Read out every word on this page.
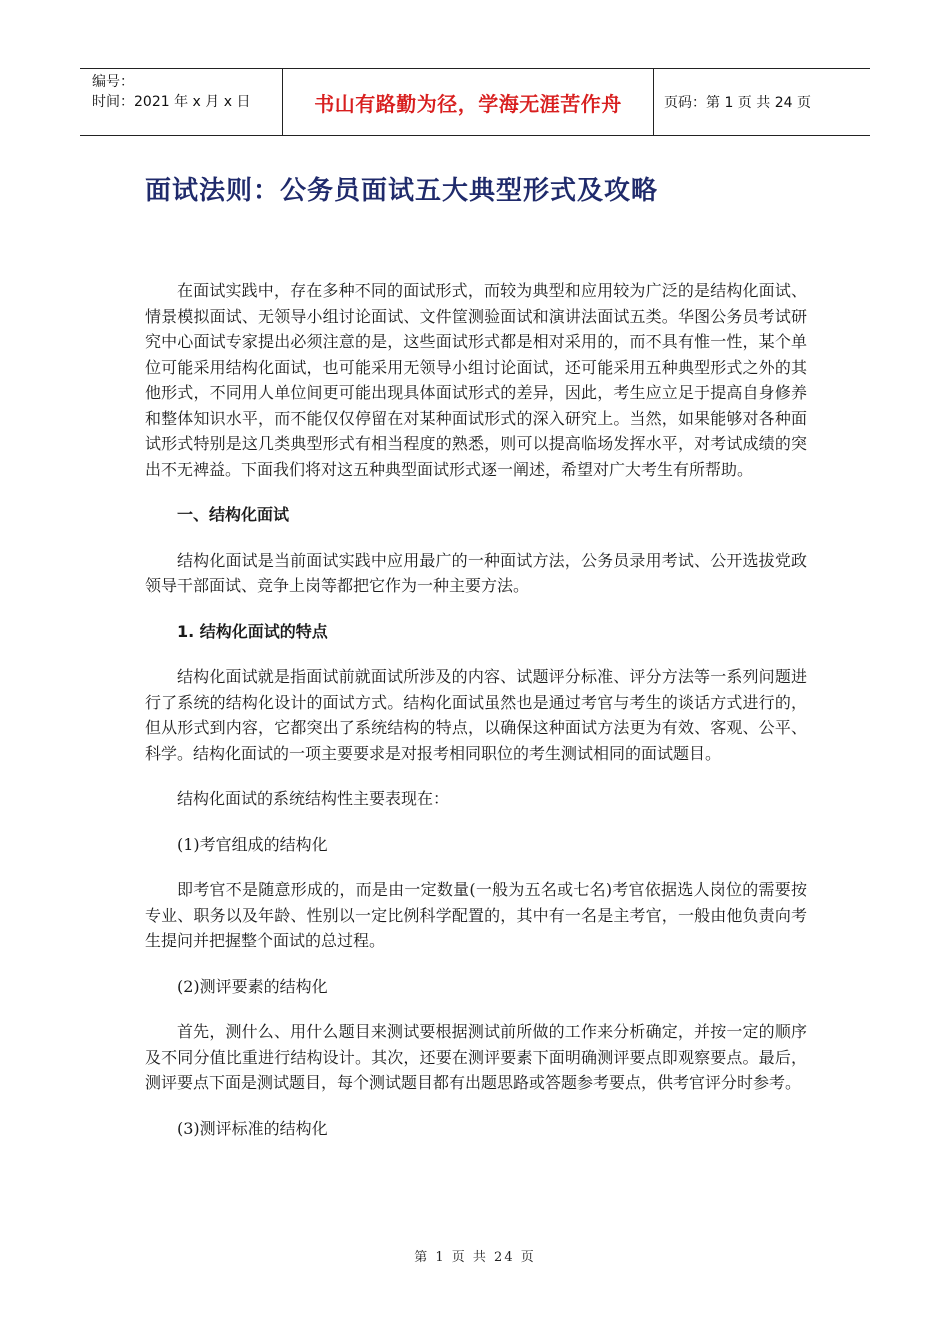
编号：
时间：2021 年 x 月 x 日	书山有路勤为径，学海无涯苦作舟	页码：第 1 页 共 24 页
面试法则：公务员面试五大典型形式及攻略

在面试实践中，存在多种不同的面试形式，而较为典型和应用较为广泛的是结构化面试、情景模拟面试、无领导小组讨论面试、文件筐测验面试和演讲法面试五类。华图公务员考试研究中心面试专家提出必须注意的是，这些面试形式都是相对采用的，而不具有惟一性，某个单位可能采用结构化面试，也可能采用无领导小组讨论面试，还可能采用五种典型形式之外的其他形式，不同用人单位间更可能出现具体面试形式的差异，因此，考生应立足于提高自身修养和整体知识水平，而不能仅仅停留在对某种面试形式的深入研究上。当然，如果能够对各种面试形式特别是这几类典型形式有相当程度的熟悉，则可以提高临场发挥水平，对考试成绩的突出不无裨益。下面我们将对这五种典型面试形式逐一阐述，希望对广大考生有所帮助。

一、结构化面试

结构化面试是当前面试实践中应用最广的一种面试方法，公务员录用考试、公开选拔党政领导干部面试、竞争上岗等都把它作为一种主要方法。

1. 结构化面试的特点

结构化面试就是指面试前就面试所涉及的内容、试题评分标准、评分方法等一系列问题进行了系统的结构化设计的面试方式。结构化面试虽然也是通过考官与考生的谈话方式进行的，但从形式到内容，它都突出了系统结构的特点，以确保这种面试方法更为有效、客观、公平、科学。结构化面试的一项主要要求是对报考相同职位的考生测试相同的面试题目。

结构化面试的系统结构性主要表现在：

(1)考官组成的结构化

即考官不是随意形成的，而是由一定数量(一般为五名或七名)考官依据选人岗位的需要按专业、职务以及年龄、性别以一定比例科学配置的，其中有一名是主考官，一般由他负责向考生提问并把握整个面试的总过程。

(2)测评要素的结构化

首先，测什么、用什么题目来测试要根据测试前所做的工作来分析确定，并按一定的顺序及不同分值比重进行结构设计。其次，还要在测评要素下面明确测评要点即观察要点。最后，测评要点下面是测试题目，每个测试题目都有出题思路或答题参考要点，供考官评分时参考。

(3)测评标准的结构化

第 1 页 共 24 页
